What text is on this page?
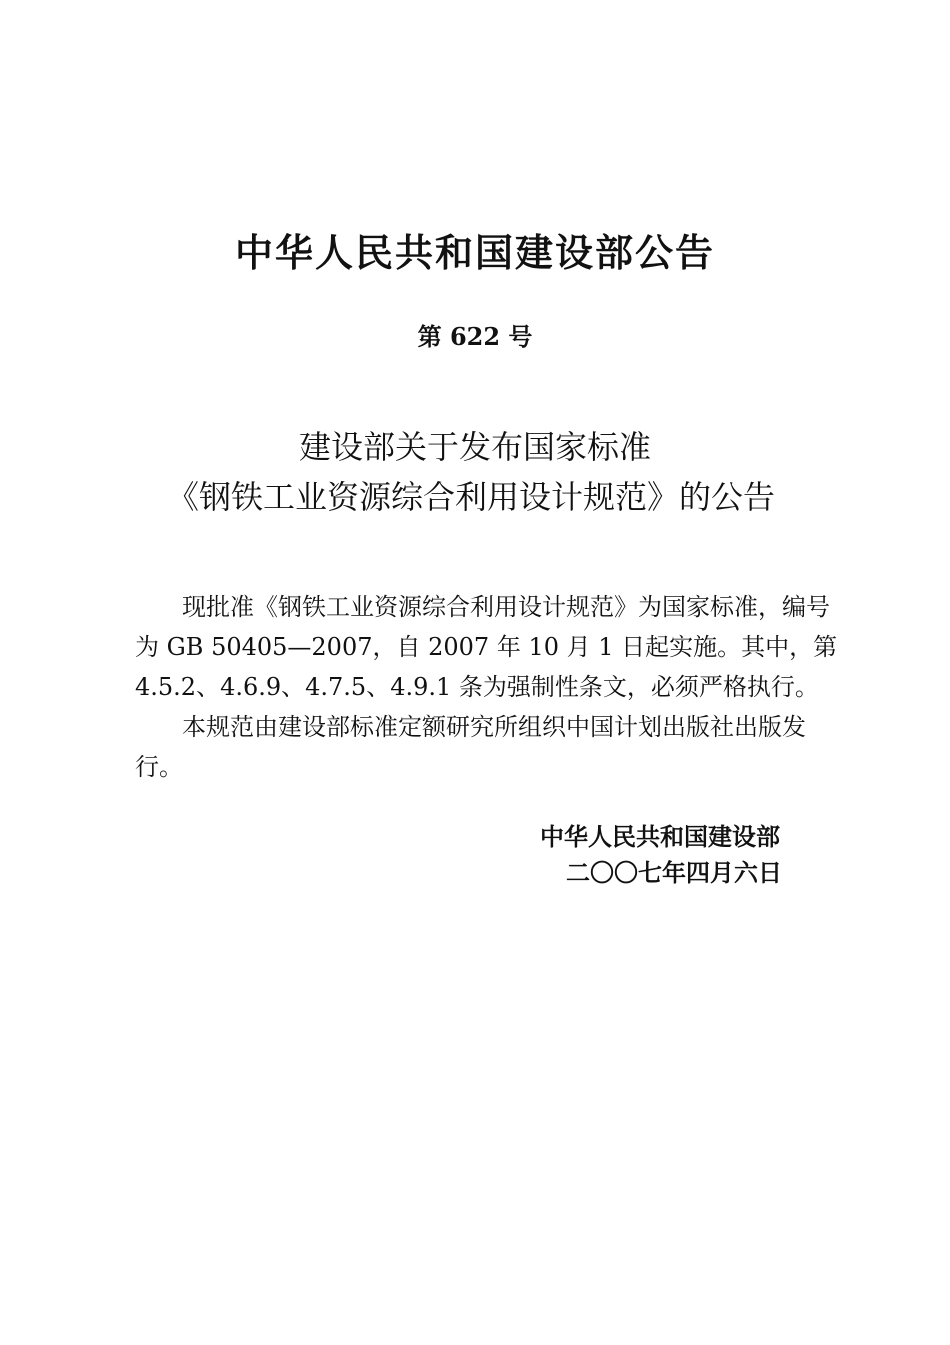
中华人民共和国建设部公告
第 622 号
建设部关于发布国家标准
《钢铁工业资源综合利用设计规范》的公告
现批准《钢铁工业资源综合利用设计规范》为国家标准，编号
为 GB 50405—2007，自 2007 年 10 月 1 日起实施。其中，第
4.5.2、4.6.9、4.7.5、4.9.1 条为强制性条文，必须严格执行。
本规范由建设部标准定额研究所组织中国计划出版社出版发
行。
中华人民共和国建设部
二〇〇七年四月六日
